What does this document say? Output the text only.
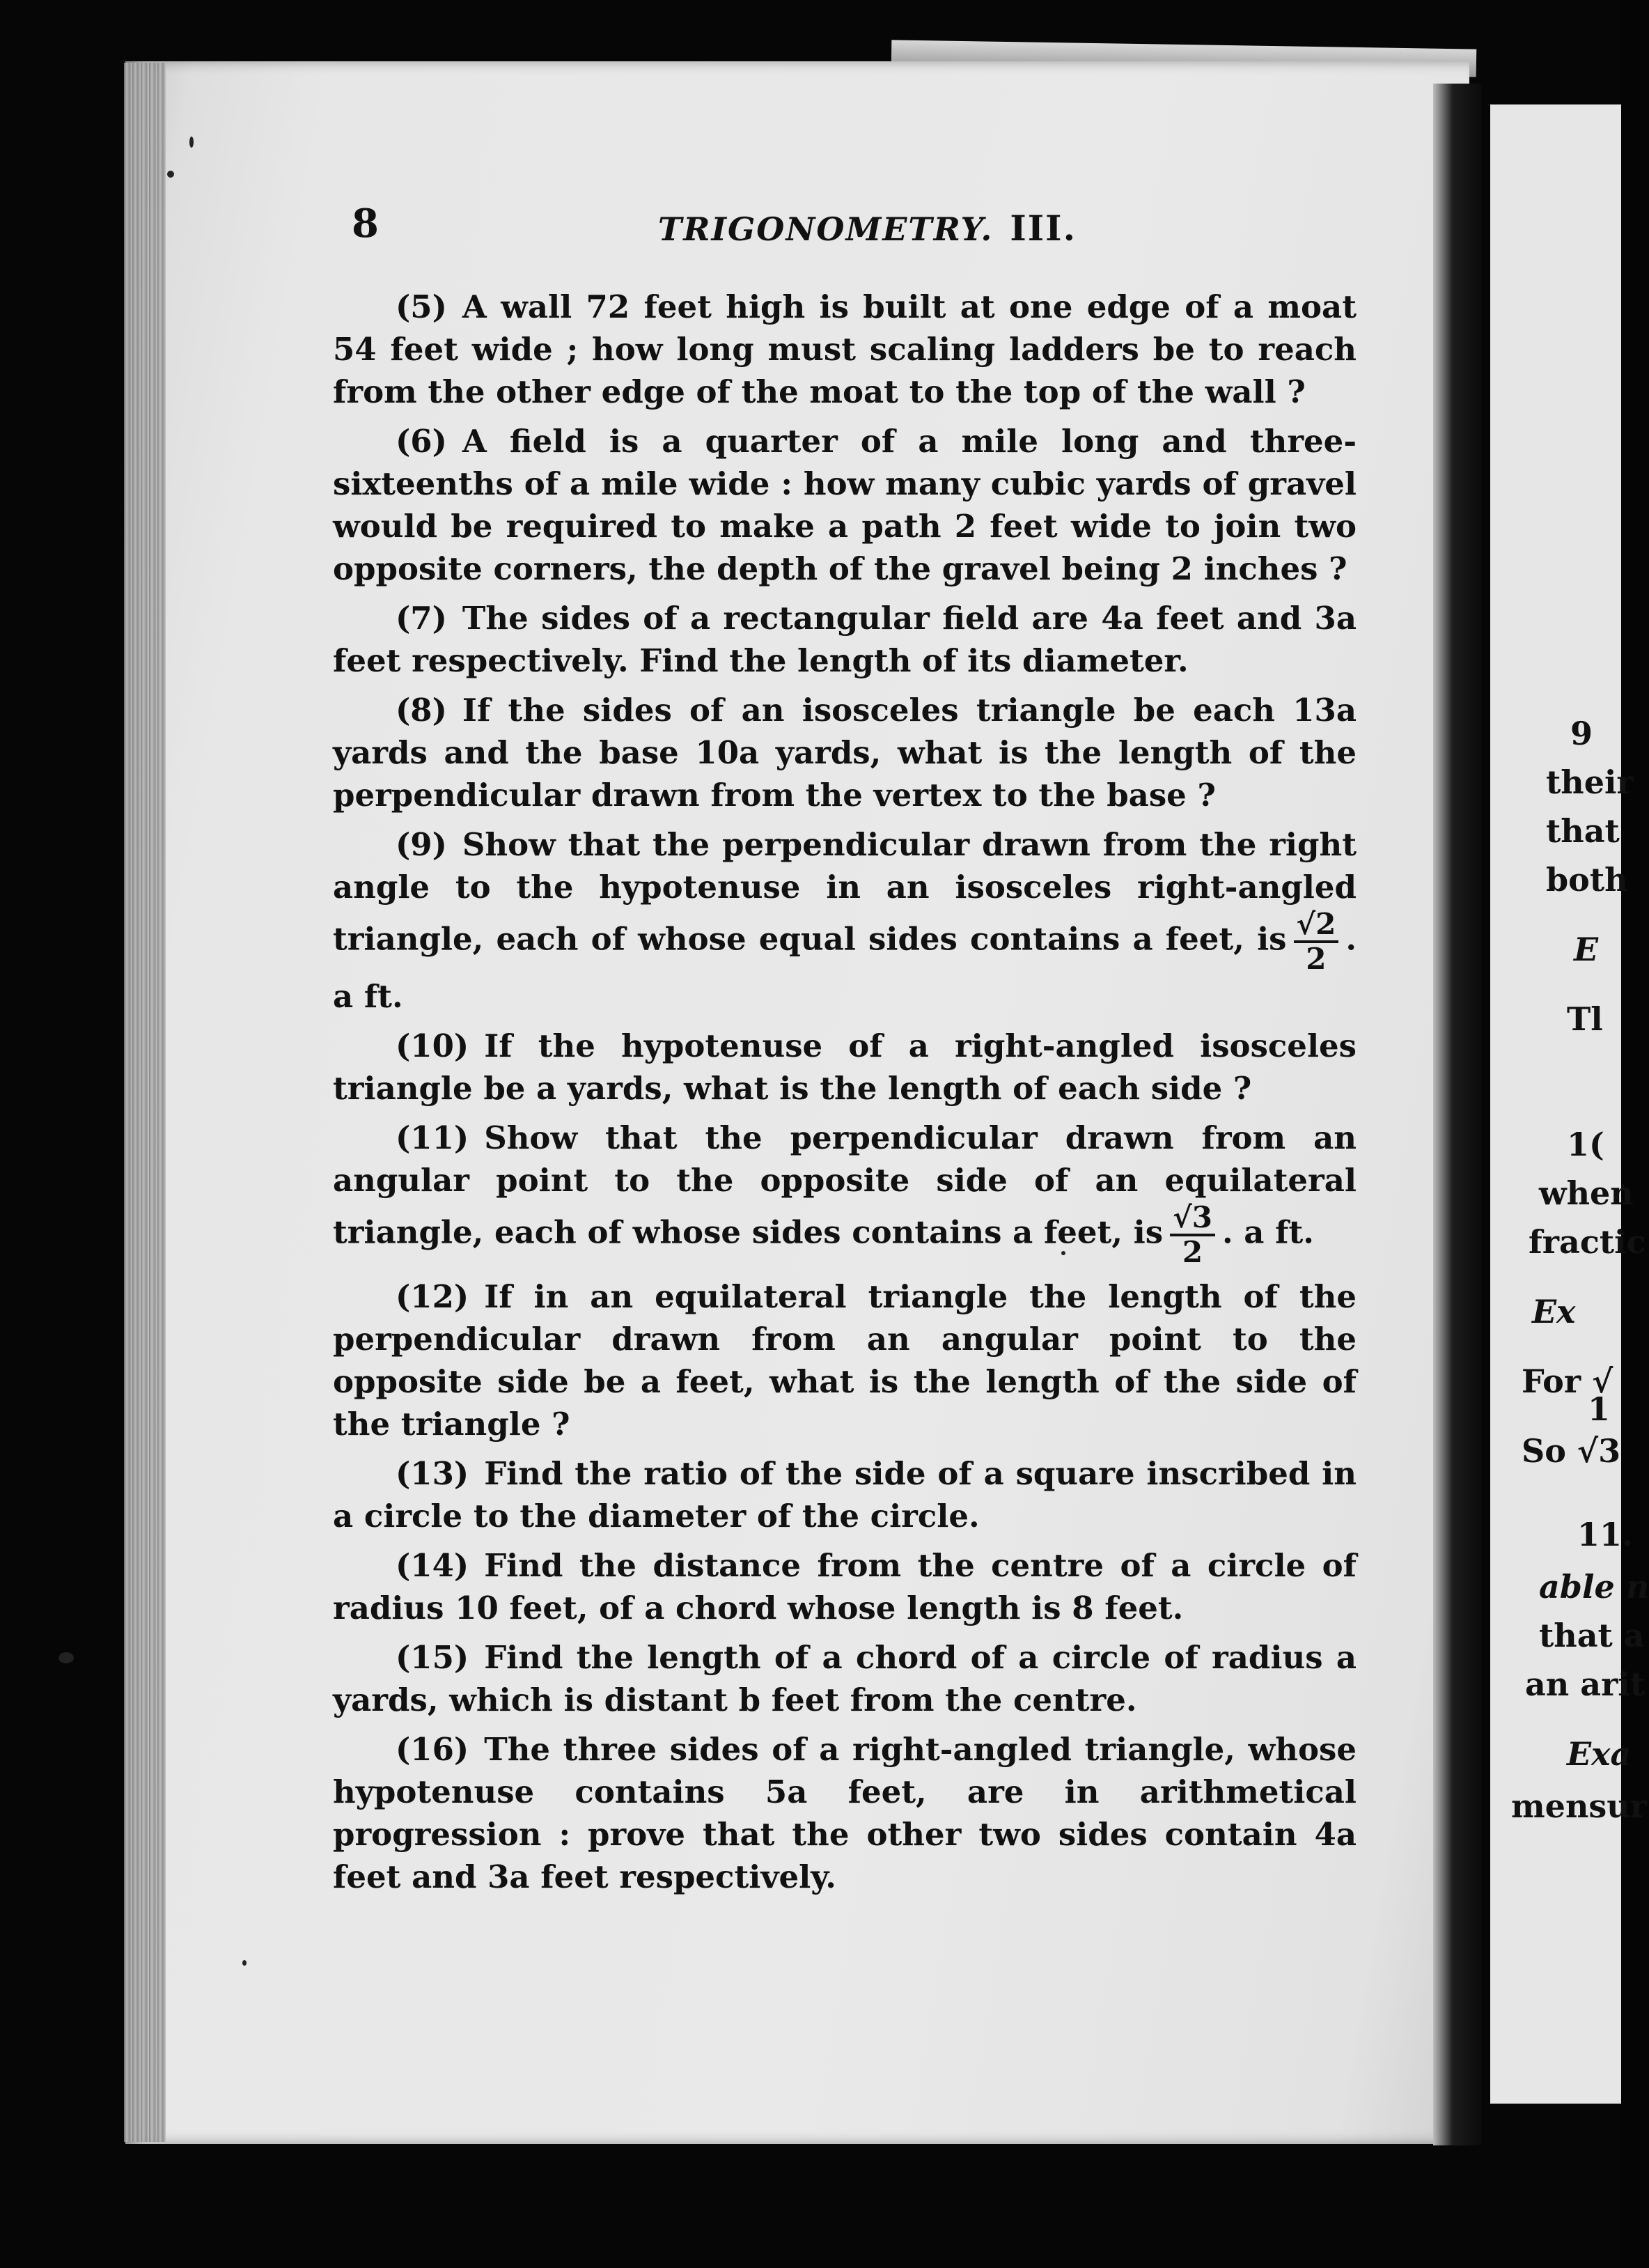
8	TRIGONOMETRY. III.
(5) A wall 72 feet high is built at one edge of a moat 54 feet wide ; how long must scaling ladders be to reach from the other edge of the moat to the top of the wall ?
(6) A field is a quarter of a mile long and three-sixteenths of a mile wide : how many cubic yards of gravel would be required to make a path 2 feet wide to join two opposite corners, the depth of the gravel being 2 inches ?
(7) The sides of a rectangular field are 4a feet and 3a feet respectively. Find the length of its diameter.
(8) If the sides of an isosceles triangle be each 13a yards and the base 10a yards, what is the length of the perpendicular drawn from the vertex to the base ?
(9) Show that the perpendicular drawn from the right angle to the hypotenuse in an isosceles right-angled triangle, each of whose equal sides contains a feet, is $\frac{√2}{2}$ . a ft.
(10) If the hypotenuse of a right-angled isosceles triangle be a yards, what is the length of each side ?
(11) Show that the perpendicular drawn from an angular point to the opposite side of an equilateral triangle, each of whose sides contains a feet, is $\frac{√3}{2}$ . a ft.
(12) If in an equilateral triangle the length of the perpendicular drawn from an angular point to the opposite side be a feet, what is the length of the side of the triangle ?
(13) Find the ratio of the side of a square inscribed in a circle to the diameter of the circle.
(14) Find the distance from the centre of a circle of radius 10 feet, of a chord whose length is 8 feet.
(15) Find the length of a chord of a circle of radius a yards, which is distant b feet from the centre.
(16) The three sides of a right-angled triangle, whose hypotenuse contains 5a feet, are in arithmetical progression : prove that the other two sides contain 4a feet and 3a feet respectively.
9
their
that
both
E
Tl
1(
when
fractic
Ex
For √
1
So √3
11.
able n
that a
an arit
Exa
mensur
